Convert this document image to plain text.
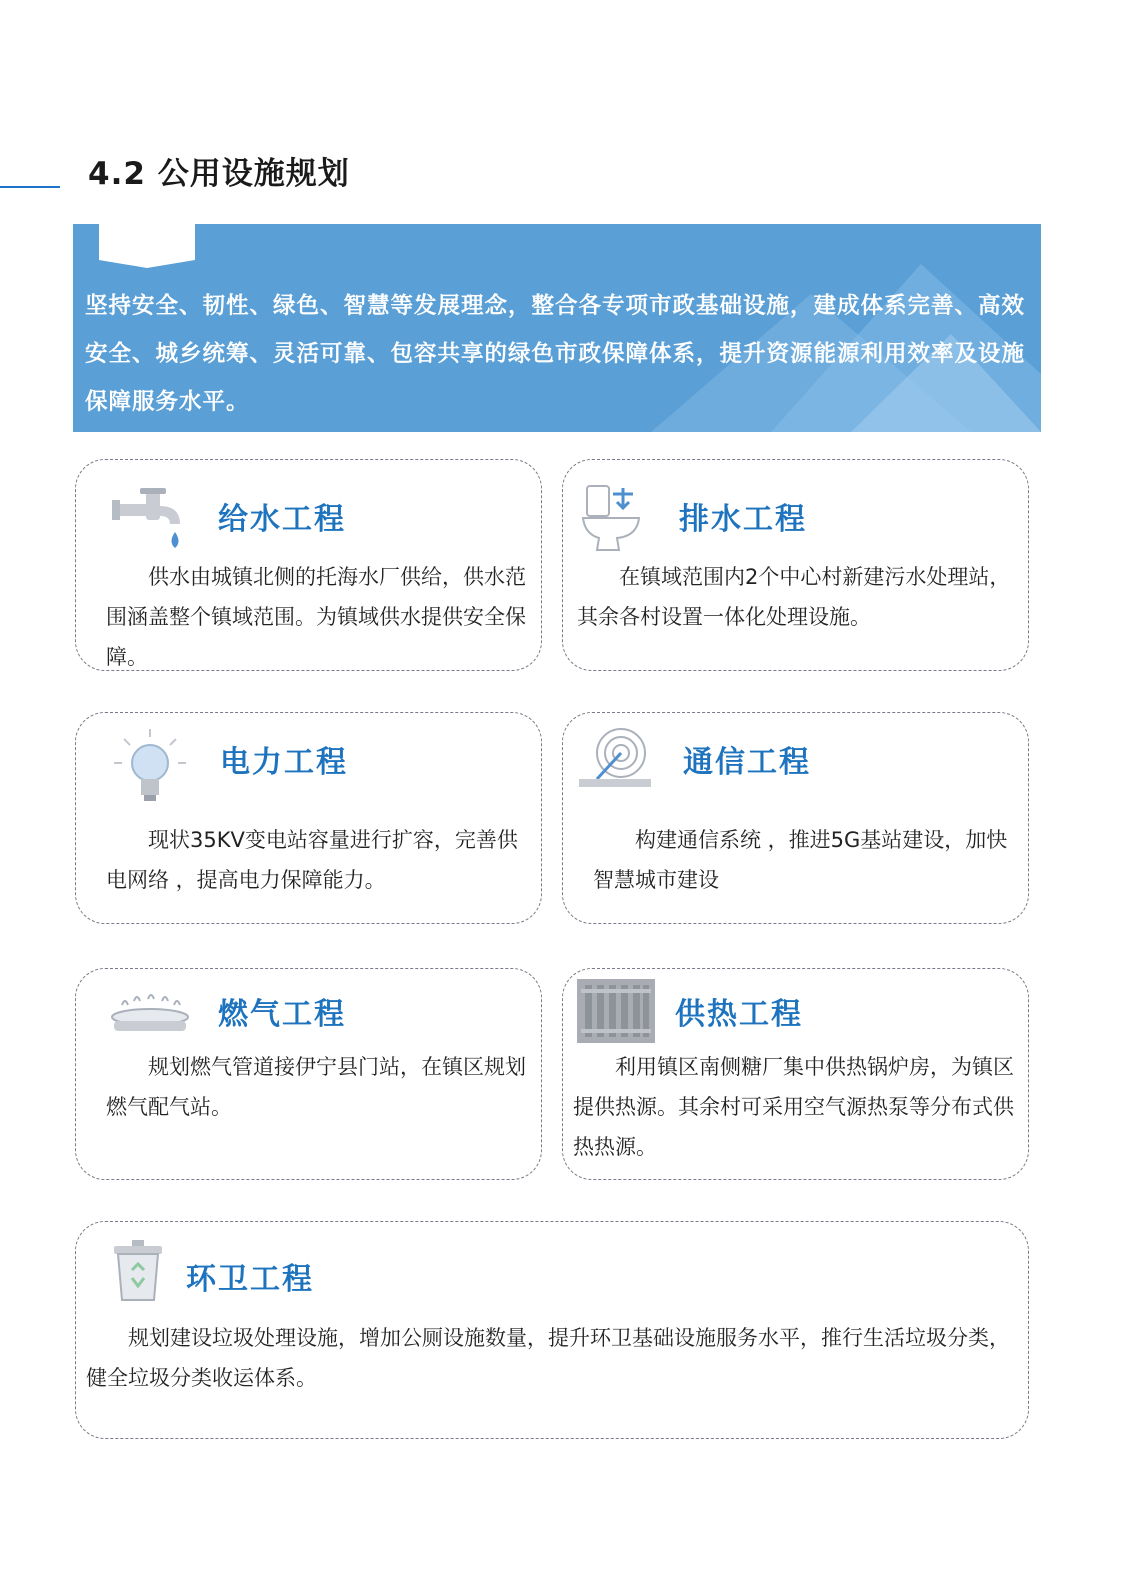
4.2 公用设施规划
坚持安全、韧性、绿色、智慧等发展理念，整合各专项市政基础设施，建成体系完善、高效安全、城乡统筹、灵活可靠、包容共享的绿色市政保障体系，提升资源能源利用效率及设施保障服务水平。
给水工程

供水由城镇北侧的托海水厂供给，供水范围涵盖整个镇域范围。为镇域供水提供安全保障。

排水工程

在镇域范围内2个中心村新建污水处理站，其余各村设置一体化处理设施。

电力工程

现状35KV变电站容量进行扩容，完善供电网络 ，提高电力保障能力。

通信工程

构建通信系统 ，推进5G基站建设，加快智慧城市建设

燃气工程

规划燃气管道接伊宁县门站，在镇区规划燃气配气站。

供热工程

利用镇区南侧糖厂集中供热锅炉房，为镇区提供热源。其余村可采用空气源热泵等分布式供热热源。

环卫工程

规划建设垃圾处理设施，增加公厕设施数量，提升环卫基础设施服务水平，推行生活垃圾分类，健全垃圾分类收运体系。
